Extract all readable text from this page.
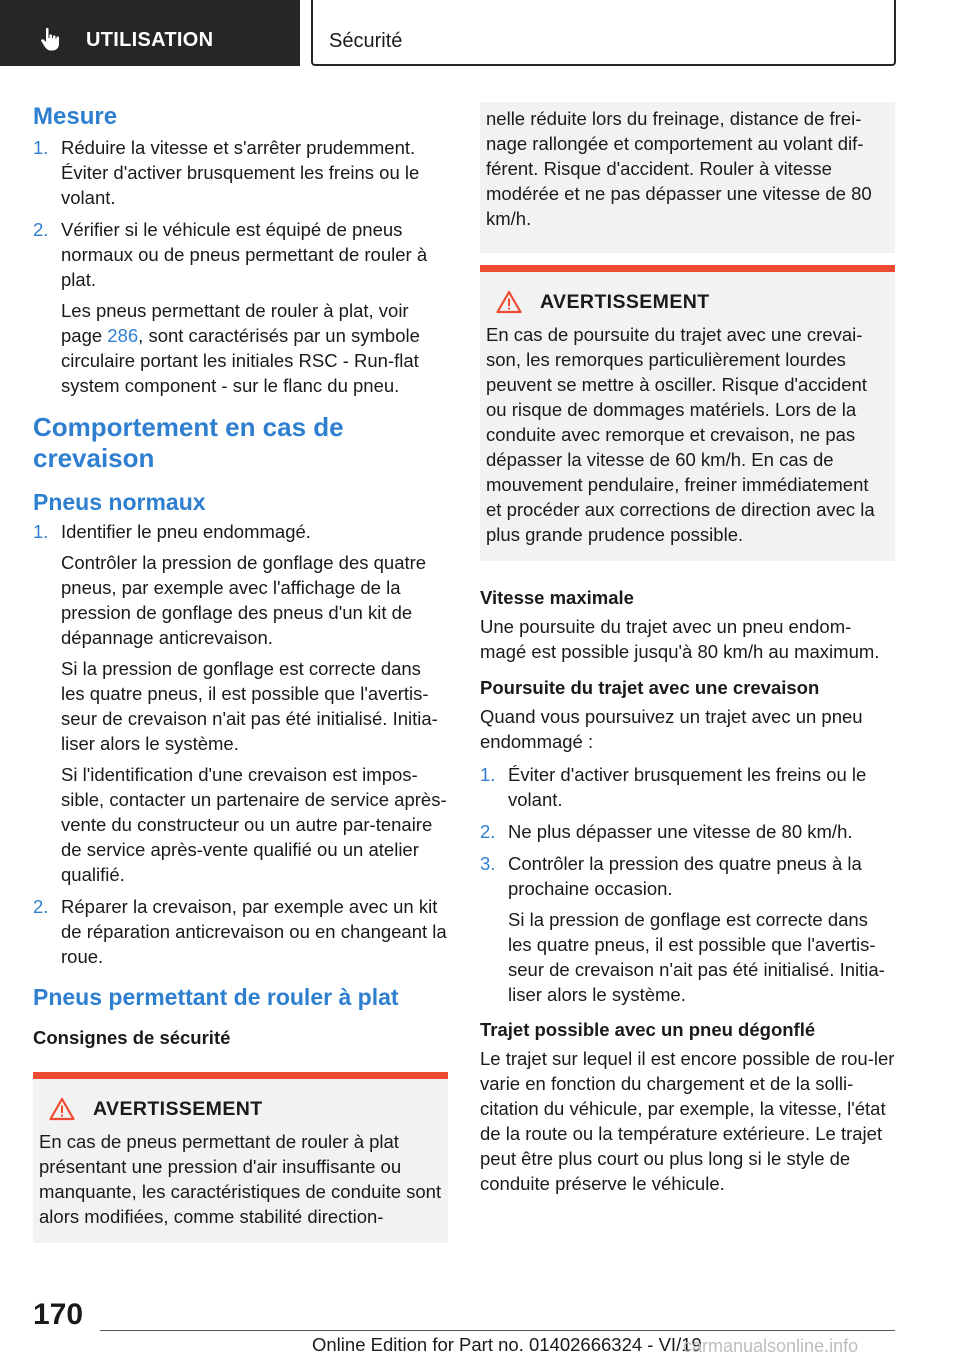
UTILISATION	Sécurité
Mesure
1. Réduire la vitesse et s'arrêter prudemment. Éviter d'activer brusquement les freins ou le volant.
2. Vérifier si le véhicule est équipé de pneus normaux ou de pneus permettant de rouler à plat.
Les pneus permettant de rouler à plat, voir page 286, sont caractérisés par un symbole circulaire portant les initiales RSC - Run-flat system component - sur le flanc du pneu.
Comportement en cas de crevaison
Pneus normaux
1. Identifier le pneu endommagé.
Contrôler la pression de gonflage des quatre pneus, par exemple avec l'affichage de la pression de gonflage des pneus d'un kit de dépannage anticrevaison.
Si la pression de gonflage est correcte dans les quatre pneus, il est possible que l'avertis-seur de crevaison n'ait pas été initialisé. Initia-liser alors le système.
Si l'identification d'une crevaison est impos-sible, contacter un partenaire de service après-vente du constructeur ou un autre par-tenaire de service après-vente qualifié ou un atelier qualifié.
2. Réparer la crevaison, par exemple avec un kit de réparation anticrevaison ou en changeant la roue.
Pneus permettant de rouler à plat
Consignes de sécurité
AVERTISSEMENT
En cas de pneus permettant de rouler à plat présentant une pression d'air insuffisante ou manquante, les caractéristiques de conduite sont alors modifiées, comme stabilité direction-
nelle réduite lors du freinage, distance de frei-nage rallongée et comportement au volant dif-férent. Risque d'accident. Rouler à vitesse modérée et ne pas dépasser une vitesse de 80 km/h.
AVERTISSEMENT
En cas de poursuite du trajet avec une crevai-son, les remorques particulièrement lourdes peuvent se mettre à osciller. Risque d'accident ou risque de dommages matériels. Lors de la conduite avec remorque et crevaison, ne pas dépasser la vitesse de 60 km/h. En cas de mouvement pendulaire, freiner immédiatement et procéder aux corrections de direction avec la plus grande prudence possible.
Vitesse maximale
Une poursuite du trajet avec un pneu endom-magé est possible jusqu'à 80 km/h au maximum.
Poursuite du trajet avec une crevaison
Quand vous poursuivez un trajet avec un pneu endommagé :
1. Éviter d'activer brusquement les freins ou le volant.
2. Ne plus dépasser une vitesse de 80 km/h.
3. Contrôler la pression des quatre pneus à la prochaine occasion.
Si la pression de gonflage est correcte dans les quatre pneus, il est possible que l'avertis-seur de crevaison n'ait pas été initialisé. Initia-liser alors le système.
Trajet possible avec un pneu dégonflé
Le trajet sur lequel il est encore possible de rou-ler varie en fonction du chargement et de la solli-citation du véhicule, par exemple, la vitesse, l'état de la route ou la température extérieure. Le trajet peut être plus court ou plus long si le style de conduite préserve le véhicule.
170
Online Edition for Part no. 01402666324 - VI/19
carmanualsonline.info
